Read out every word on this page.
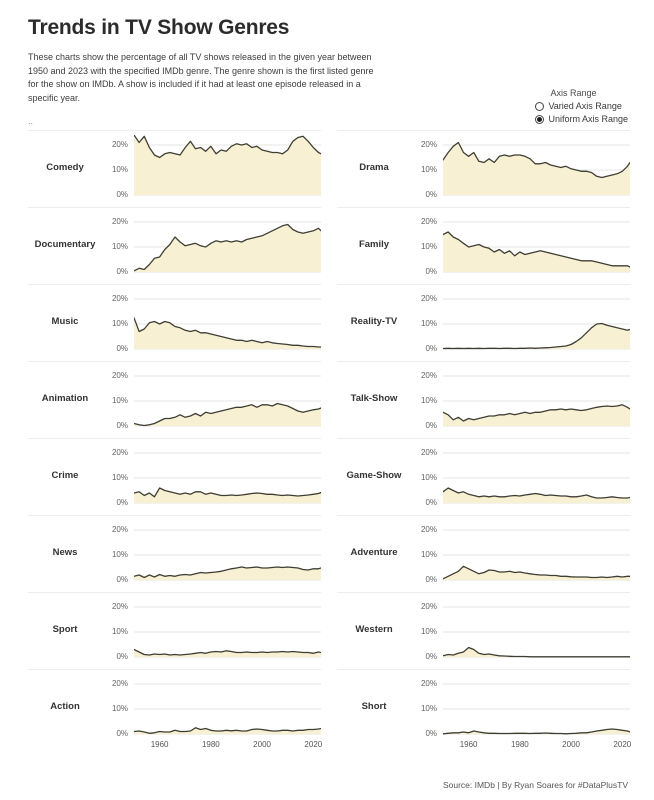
Trends in TV Show Genres
These charts show the percentage of all TV shows released in the given year between 1950 and 2023 with the specified IMDb genre. The genre shown is the first listed genre for the show on IMDb. A show is included if it had at least one episode released in a specific year.
..
Axis Range
Varied Axis Range
Uniform Axis Range
Comedy
20%
10%
0%
Drama
20%
10%
0%
Documentary
20%
10%
0%
Family
20%
10%
0%
Music
20%
10%
0%
Reality-TV
20%
10%
0%
Animation
20%
10%
0%
Talk-Show
20%
10%
0%
Crime
20%
10%
0%
Game-Show
20%
10%
0%
News
20%
10%
0%
Adventure
20%
10%
0%
Sport
20%
10%
0%
Western
20%
10%
0%
Action
20%
10%
0%
1960	1980	2000	2020
Short
20%
10%
0%
1960	1980	2000	2020
Source: IMDb | By Ryan Soares for #DataPlusTV
